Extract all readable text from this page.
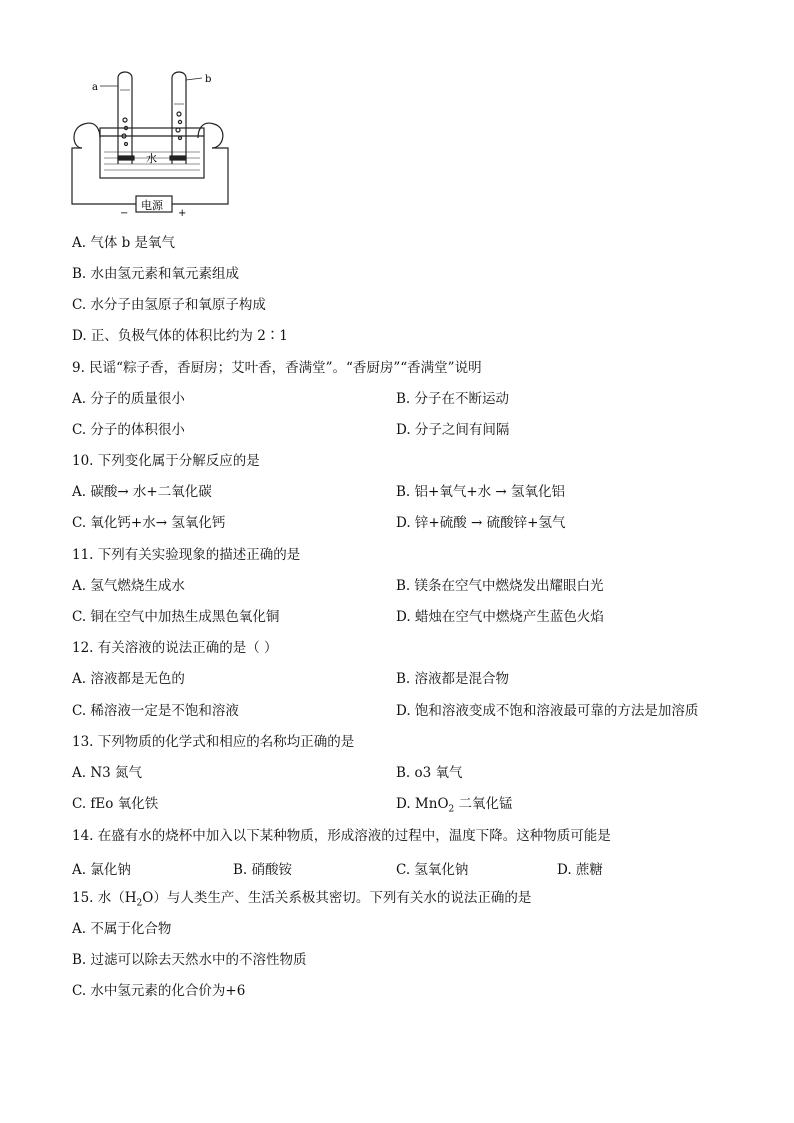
a
b
水
电源
−	+
A. 气体 b 是氧气
B. 水由氢元素和氧元素组成
C. 水分子由氢原子和氧原子构成
D. 正、负极气体的体积比约为 2∶1
9. 民谣“粽子香，香厨房；艾叶香，香满堂”。“香厨房”“香满堂”说明
A. 分子的质量很小	B. 分子在不断运动
C. 分子的体积很小	D. 分子之间有间隔
10. 下列变化属于分解反应的是
A. 碳酸→ 水+二氧化碳	B. 铝+氧气+水 → 氢氧化铝
C. 氧化钙+水→ 氢氧化钙	D. 锌+硫酸 → 硫酸锌+氢气
11. 下列有关实验现象的描述正确的是
A. 氢气燃烧生成水	B. 镁条在空气中燃烧发出耀眼白光
C. 铜在空气中加热生成黑色氧化铜	D. 蜡烛在空气中燃烧产生蓝色火焰
12. 有关溶液的说法正确的是（ ）
A. 溶液都是无色的	B. 溶液都是混合物
C. 稀溶液一定是不饱和溶液	D. 饱和溶液变成不饱和溶液最可靠的方法是加溶质
13. 下列物质的化学式和相应的名称均正确的是
A. N3 氮气	B. o3 氧气
C. fEo 氧化铁	D. MnO$_2$ 二氧化锰
14. 在盛有水的烧杯中加入以下某种物质，形成溶液的过程中，温度下降。这种物质可能是
A. 氯化钠	B. 硝酸铵	C. 氢氧化钠	D. 蔗糖
15. 水$(H_2O)$与人类生产、生活关系极其密切。下列有关水的说法正确的是
A. 不属于化合物
B. 过滤可以除去天然水中的不溶性物质
C. 水中氢元素的化合价为+6
